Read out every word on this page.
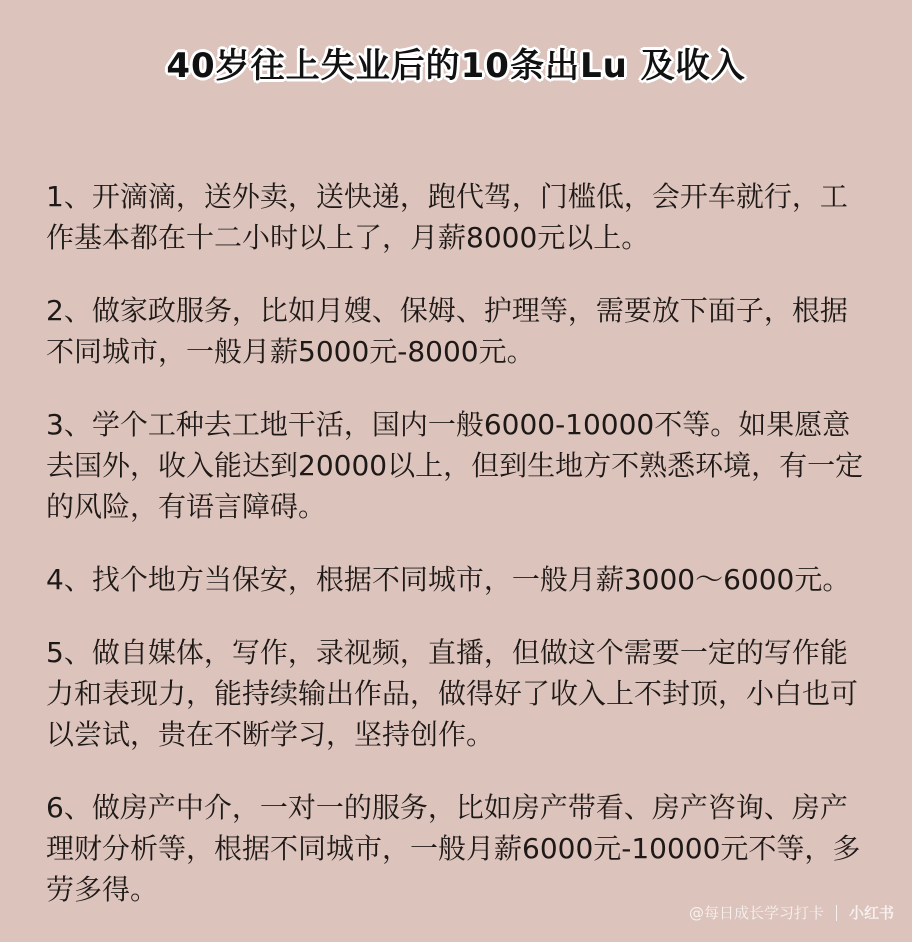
40岁往上失业后的10条出Lu 及收入

1、开滴滴，送外卖，送快递，跑代驾，门槛低，会开车就行，工作基本都在十二小时以上了，月薪8000元以上。

2、做家政服务，比如月嫂、保姆、护理等，需要放下面子，根据不同城市，一般月薪5000元-8000元。

3、学个工种去工地干活，国内一般6000-10000不等。如果愿意去国外，收入能达到20000以上，但到生地方不熟悉环境，有一定的风险，有语言障碍。

4、找个地方当保安，根据不同城市，一般月薪3000～6000元。

5、做自媒体，写作，录视频，直播，但做这个需要一定的写作能力和表现力，能持续输出作品，做得好了收入上不封顶，小白也可以尝试，贵在不断学习，坚持创作。

6、做房产中介，一对一的服务，比如房产带看、房产咨询、房产理财分析等，根据不同城市，一般月薪6000元-10000元不等，多劳多得。

@每日成长学习打卡 小红书
